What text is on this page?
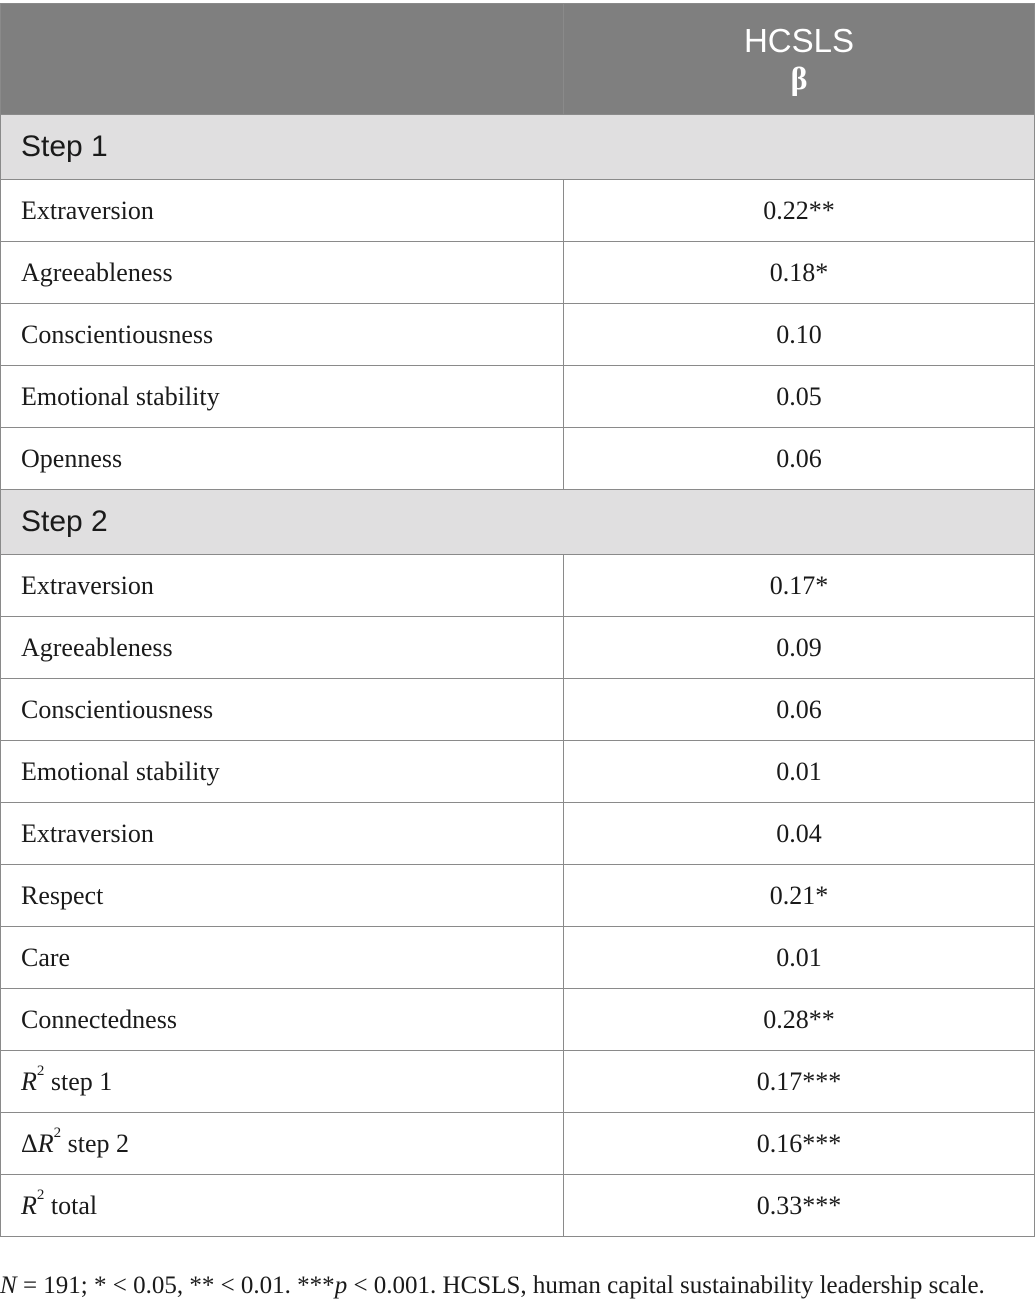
	HCSLS
β

Step 1	
Extraversion	0.22**
Agreeableness	0.18*
Conscientiousness	0.10
Emotional stability	0.05
Openness	0.06
Step 2	
Extraversion	0.17*
Agreeableness	0.09
Conscientiousness	0.06
Emotional stability	0.01
Extraversion	0.04
Respect	0.21*
Care	0.01
Connectedness	0.28**
$R^2$ step 1	0.17***
$\Delta R^2$ step 2	0.16***
$R^2$ total	0.33***
N = 191; * < 0.05, ** < 0.01. ***p < 0.001. HCSLS, human capital sustainability leadership scale.
